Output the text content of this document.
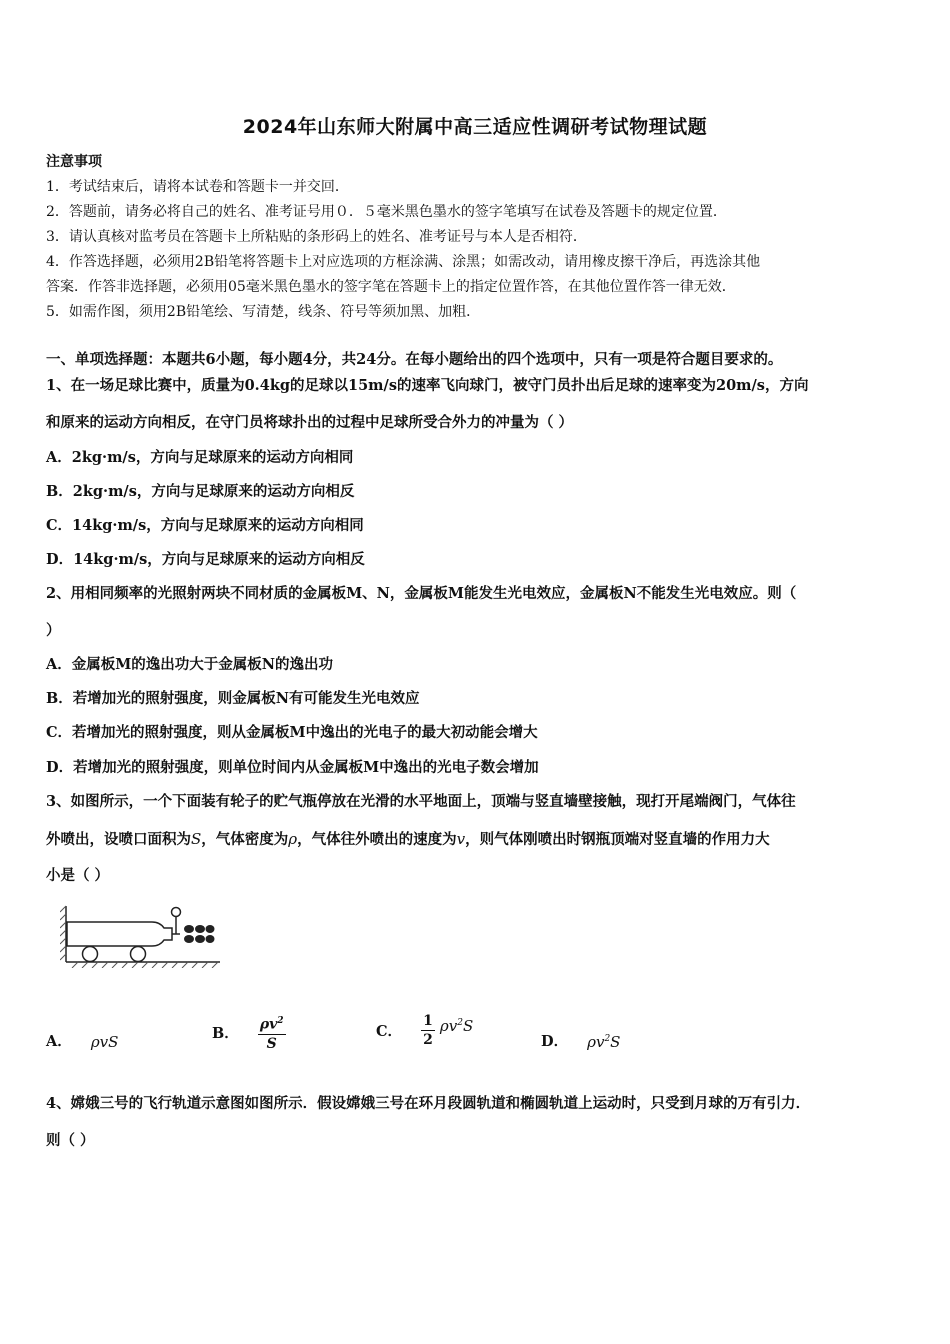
2024年山东师大附属中高三适应性调研考试物理试题
注意事项
1．考试结束后，请将本试卷和答题卡一并交回．
2．答题前，请务必将自己的姓名、准考证号用０．５毫米黑色墨水的签字笔填写在试卷及答题卡的规定位置．
3．请认真核对监考员在答题卡上所粘贴的条形码上的姓名、准考证号与本人是否相符．
4．作答选择题，必须用2B铅笔将答题卡上对应选项的方框涂满、涂黑；如需改动，请用橡皮擦干净后，再选涂其他
答案．作答非选择题，必须用05毫米黑色墨水的签字笔在答题卡上的指定位置作答，在其他位置作答一律无效．
5．如需作图，须用2B铅笔绘、写清楚，线条、符号等须加黑、加粗．
一、单项选择题：本题共6小题，每小题4分，共24分。在每小题给出的四个选项中，只有一项是符合题目要求的。
1、在一场足球比赛中，质量为0.4kg的足球以15m/s的速率飞向球门，被守门员扑出后足球的速率变为20m/s，方向
和原来的运动方向相反，在守门员将球扑出的过程中足球所受合外力的冲量为（ ）
A．2kg·m/s，方向与足球原来的运动方向相同
B．2kg·m/s，方向与足球原来的运动方向相反
C．14kg·m/s，方向与足球原来的运动方向相同
D．14kg·m/s，方向与足球原来的运动方向相反
2、用相同频率的光照射两块不同材质的金属板M、N，金属板M能发生光电效应，金属板N不能发生光电效应。则（
）
A．金属板M的逸出功大于金属板N的逸出功
B．若增加光的照射强度，则金属板N有可能发生光电效应
C．若增加光的照射强度，则从金属板M中逸出的光电子的最大初动能会增大
D．若增加光的照射强度，则单位时间内从金属板M中逸出的光电子数会增加
3、如图所示，一个下面装有轮子的贮气瓶停放在光滑的水平地面上，顶端与竖直墙壁接触，现打开尾端阀门，气体往
外喷出，设喷口面积为S，气体密度为ρ，气体往外喷出的速度为v，则气体刚喷出时钢瓶顶端对竖直墙的作用力大
小是（ ）
A． ρvS	B． $\frac{\rho v^2}{S}$	C． $\frac{1}{2} \rho v^2S$
D． $\rho v^2S$
4、嫦娥三号的飞行轨道示意图如图所示．假设嫦娥三号在环月段圆轨道和椭圆轨道上运动时，只受到月球的万有引力．
则（ ）
